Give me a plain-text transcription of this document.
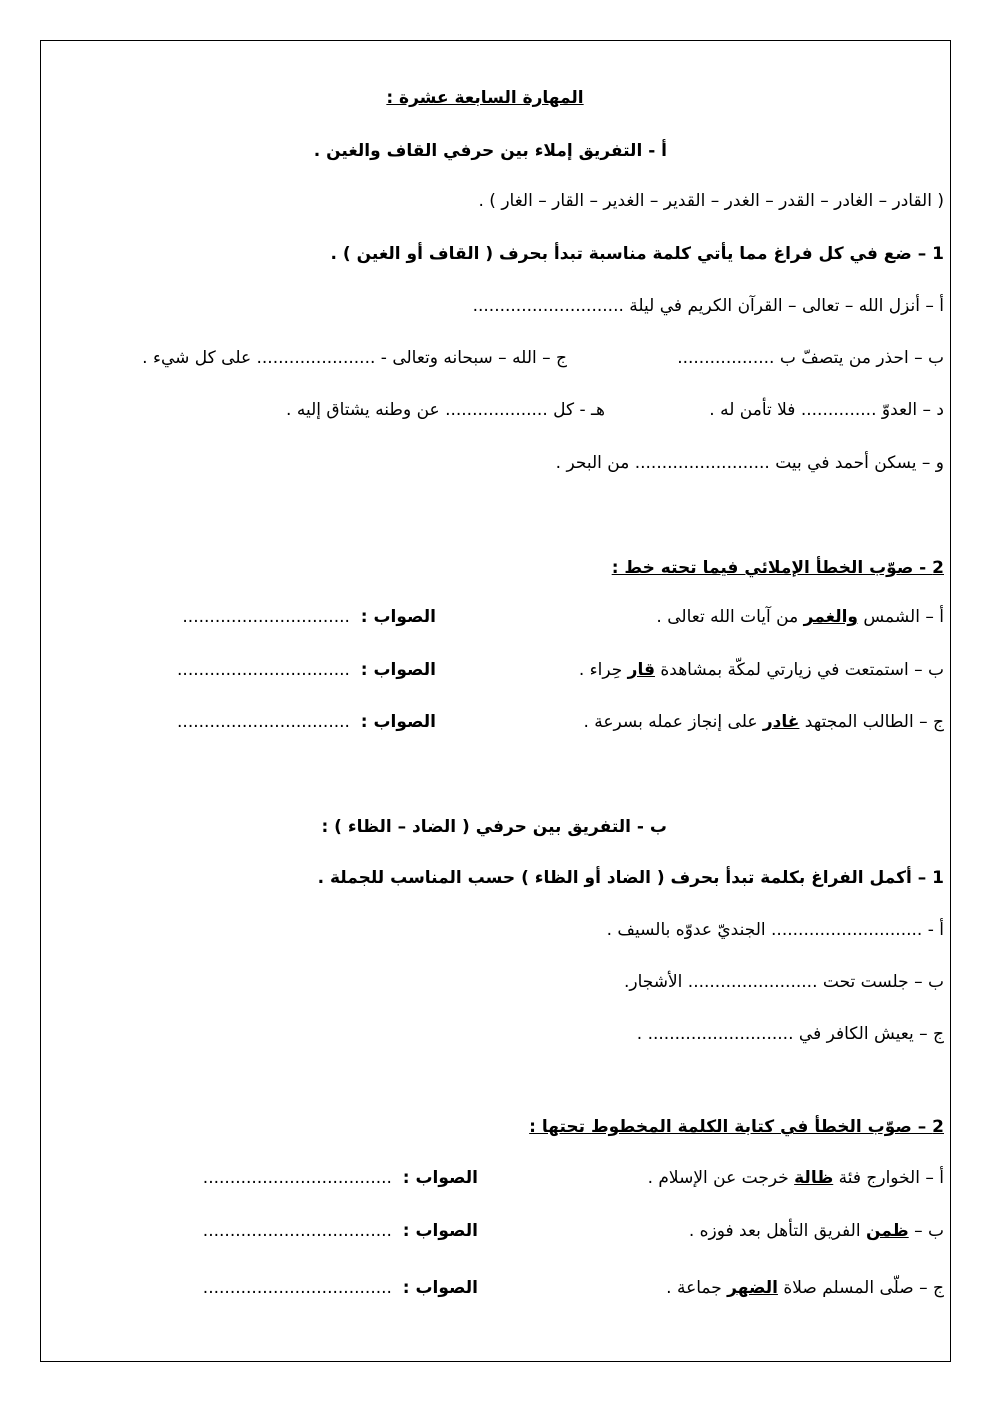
المهارة السابعة عشرة :
أ - التفريق إملاء بين حرفي القاف والغين .
( القادر – الغادر – القدر – الغدر – القدير – الغدير – القار – الغار ) .
1 – ضع في كل فراغ مما يأتي كلمة مناسبة تبدأ بحرف ( القاف أو الغين ) .
أ – أنزل الله – تعالى – القرآن الكريم في ليلة ............................
ب – احذر من يتصفّ ب ..................
ج – الله – سبحانه وتعالى - ...................... على كل شيء .
د – العدوّ .............. فلا تأمن له .
هـ - كل ................... عن وطنه يشتاق إليه .
و – يسكن أحمد في بيت ......................... من البحر .
2 - صوّب الخطأ الإملائي فيما تحته خط :
أ – الشمس والغمر من آيات الله تعالى .
الصواب :  ...............................
ب – استمتعت في زيارتي لمكّة بمشاهدة قار حِراء .
الصواب :  ................................
ج – الطالب المجتهد غادر على إنجاز عمله بسرعة .
الصواب :  ................................
ب - التفريق بين حرفي ( الضاد – الظاء ) :
1 – أكمل الفراغ بكلمة تبدأ بحرف ( الضاد أو الظاء ) حسب المناسب للجملة .
أ - ............................ الجنديّ عدوّه بالسيف .
ب – جلست تحت ........................ الأشجار.
ج – يعيش الكافر في ........................... .
2 – صوّب الخطأ في كتابة الكلمة المخطوط تحتها :
أ – الخوارج فئة ظالة خرجت عن الإسلام .
الصواب :  ...................................
ب – ظمن الفريق التأهل بعد فوزه .
الصواب :  ...................................
ج – صلّى المسلم صلاة الضهر جماعة .
الصواب :  ...................................
